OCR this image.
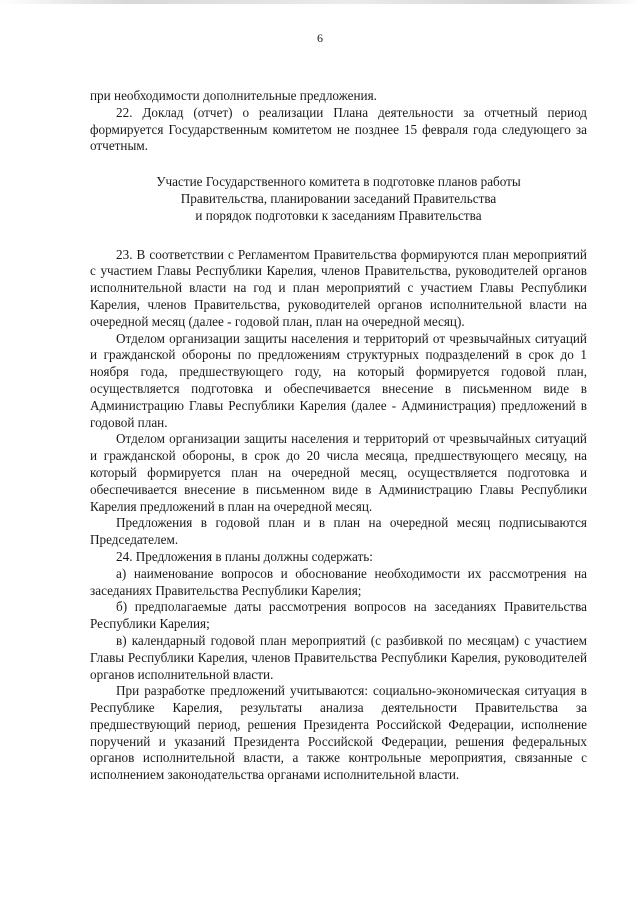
6

при необходимости дополнительные предложения.

22. Доклад (отчет) о реализации Плана деятельности за отчетный период формируется Государственным комитетом не позднее 15 февраля года следующего за отчетным.

Участие Государственного комитета в подготовке планов работы
Правительства, планировании заседаний Правительства
и порядок подготовки к заседаниям Правительства

23. В соответствии с Регламентом Правительства формируются план мероприятий с участием Главы Республики Карелия, членов Правительства, руководителей органов исполнительной власти на год и план мероприятий с участием Главы Республики Карелия, членов Правительства, руководителей органов исполнительной власти на очередной месяц (далее - годовой план, план на очередной месяц).

Отделом организации защиты населения и территорий от чрезвычайных ситуаций и гражданской обороны по предложениям структурных подразделений в срок до 1 ноября года, предшествующего году, на который формируется годовой план, осуществляется подготовка и обеспечивается внесение в письменном виде в Администрацию Главы Республики Карелия (далее - Администрация) предложений в годовой план.

Отделом организации защиты населения и территорий от чрезвычайных ситуаций и гражданской обороны, в срок до 20 числа месяца, предшествующего месяцу, на который формируется план на очередной месяц, осуществляется подготовка и обеспечивается внесение в письменном виде в Администрацию Главы Республики Карелия предложений в план на очередной месяц.

Предложения в годовой план и в план на очередной месяц подписываются Председателем.

24. Предложения в планы должны содержать:

а) наименование вопросов и обоснование необходимости их рассмотрения на заседаниях Правительства Республики Карелия;

б) предполагаемые даты рассмотрения вопросов на заседаниях Правительства Республики Карелия;

в) календарный годовой план мероприятий (с разбивкой по месяцам) с участием Главы Республики Карелия, членов Правительства Республики Карелия, руководителей органов исполнительной власти.

При разработке предложений учитываются: социально-экономическая ситуация в Республике Карелия, результаты анализа деятельности Правительства за предшествующий период, решения Президента Российской Федерации, исполнение поручений и указаний Президента Российской Федерации, решения федеральных органов исполнительной власти, а также контрольные мероприятия, связанные с исполнением законодательства органами исполнительной власти.
